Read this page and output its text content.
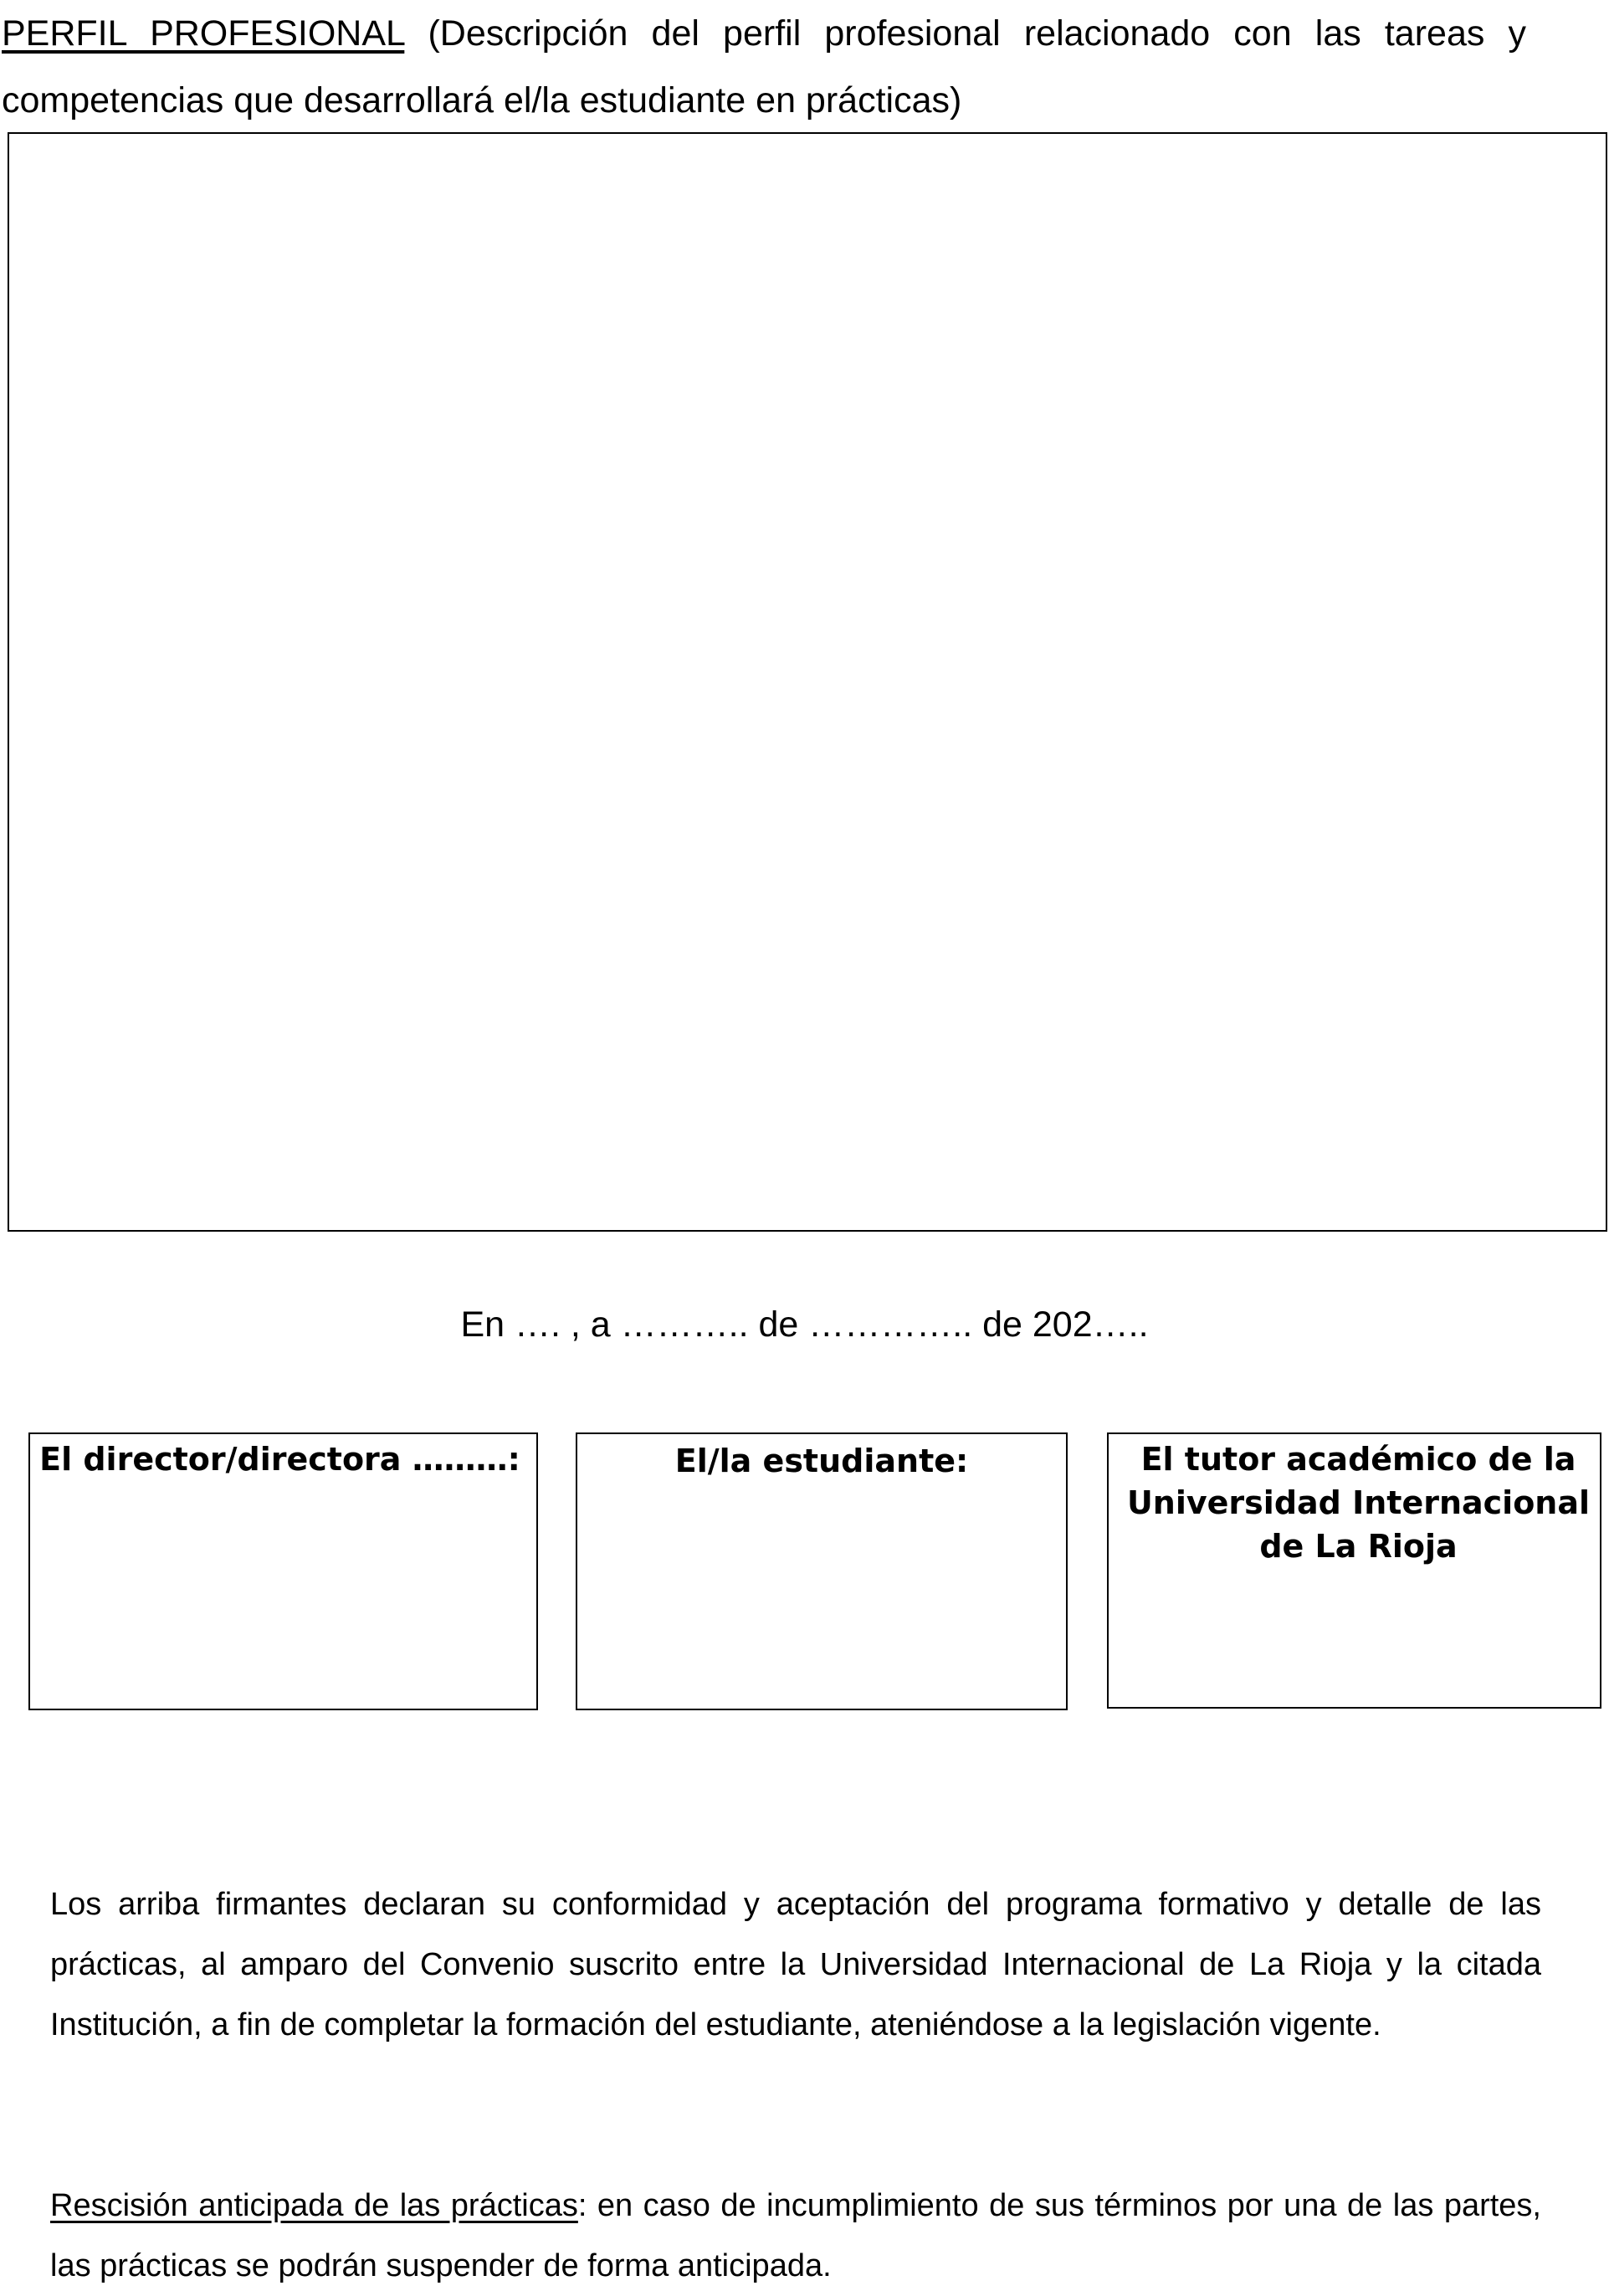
PERFIL PROFESIONAL (Descripción del perfil profesional relacionado con las tareas y competencias que desarrollará el/la estudiante en prácticas)

En …. , a ……….. de ………….. de 202…..

El director/directora ………:	El/la estudiante:	El tutor académico de la Universidad Internacional de La Rioja

Los arriba firmantes declaran su conformidad y aceptación del programa formativo y detalle de las prácticas, al amparo del Convenio suscrito entre la Universidad Internacional de La Rioja y la citada Institución, a fin de completar la formación del estudiante, ateniéndose a la legislación vigente.

Rescisión anticipada de las prácticas: en caso de incumplimiento de sus términos por una de las partes, las prácticas se podrán suspender de forma anticipada.
